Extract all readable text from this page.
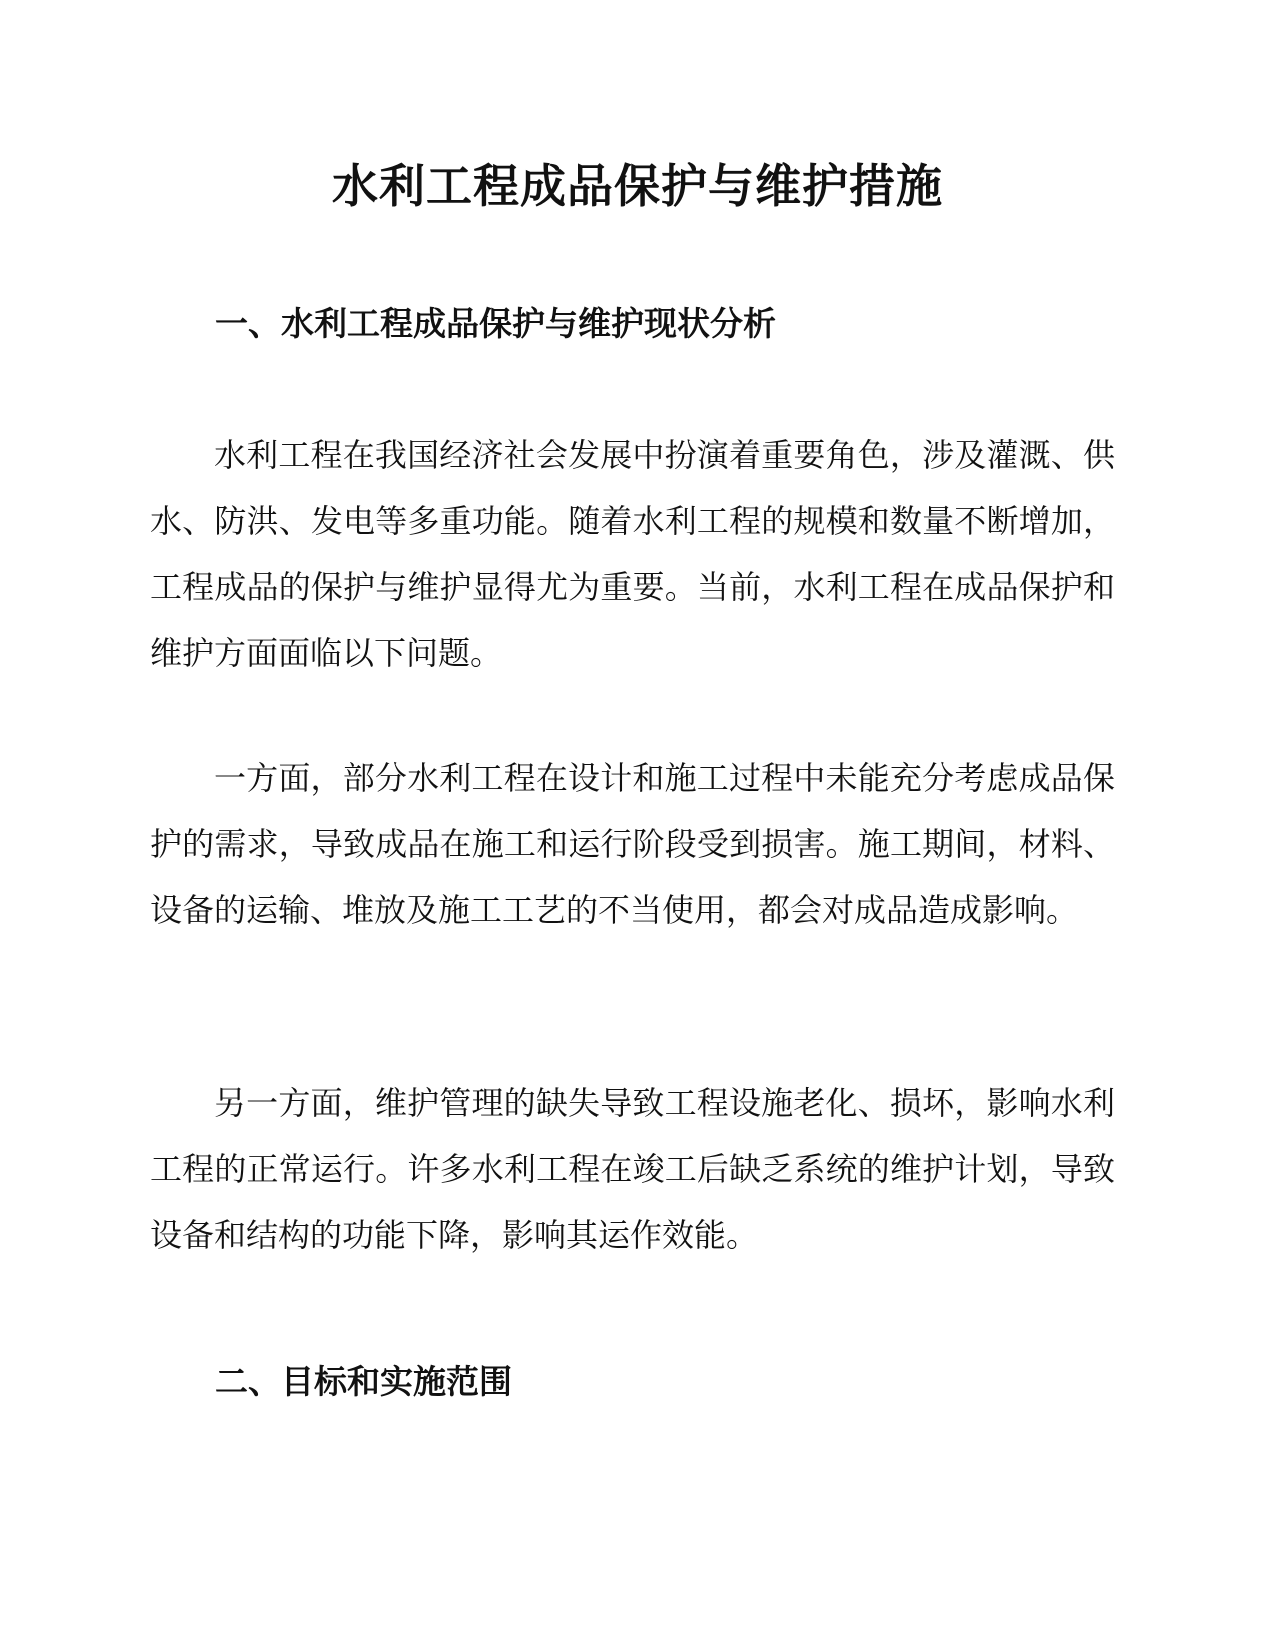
水利工程成品保护与维护措施
一、水利工程成品保护与维护现状分析

水利工程在我国经济社会发展中扮演着重要角色，涉及灌溉、供水、防洪、发电等多重功能。随着水利工程的规模和数量不断增加，工程成品的保护与维护显得尤为重要。当前，水利工程在成品保护和维护方面面临以下问题。

一方面，部分水利工程在设计和施工过程中未能充分考虑成品保护的需求，导致成品在施工和运行阶段受到损害。施工期间，材料、设备的运输、堆放及施工工艺的不当使用，都会对成品造成影响。

另一方面，维护管理的缺失导致工程设施老化、损坏，影响水利工程的正常运行。许多水利工程在竣工后缺乏系统的维护计划，导致设备和结构的功能下降，影响其运作效能。

二、目标和实施范围
